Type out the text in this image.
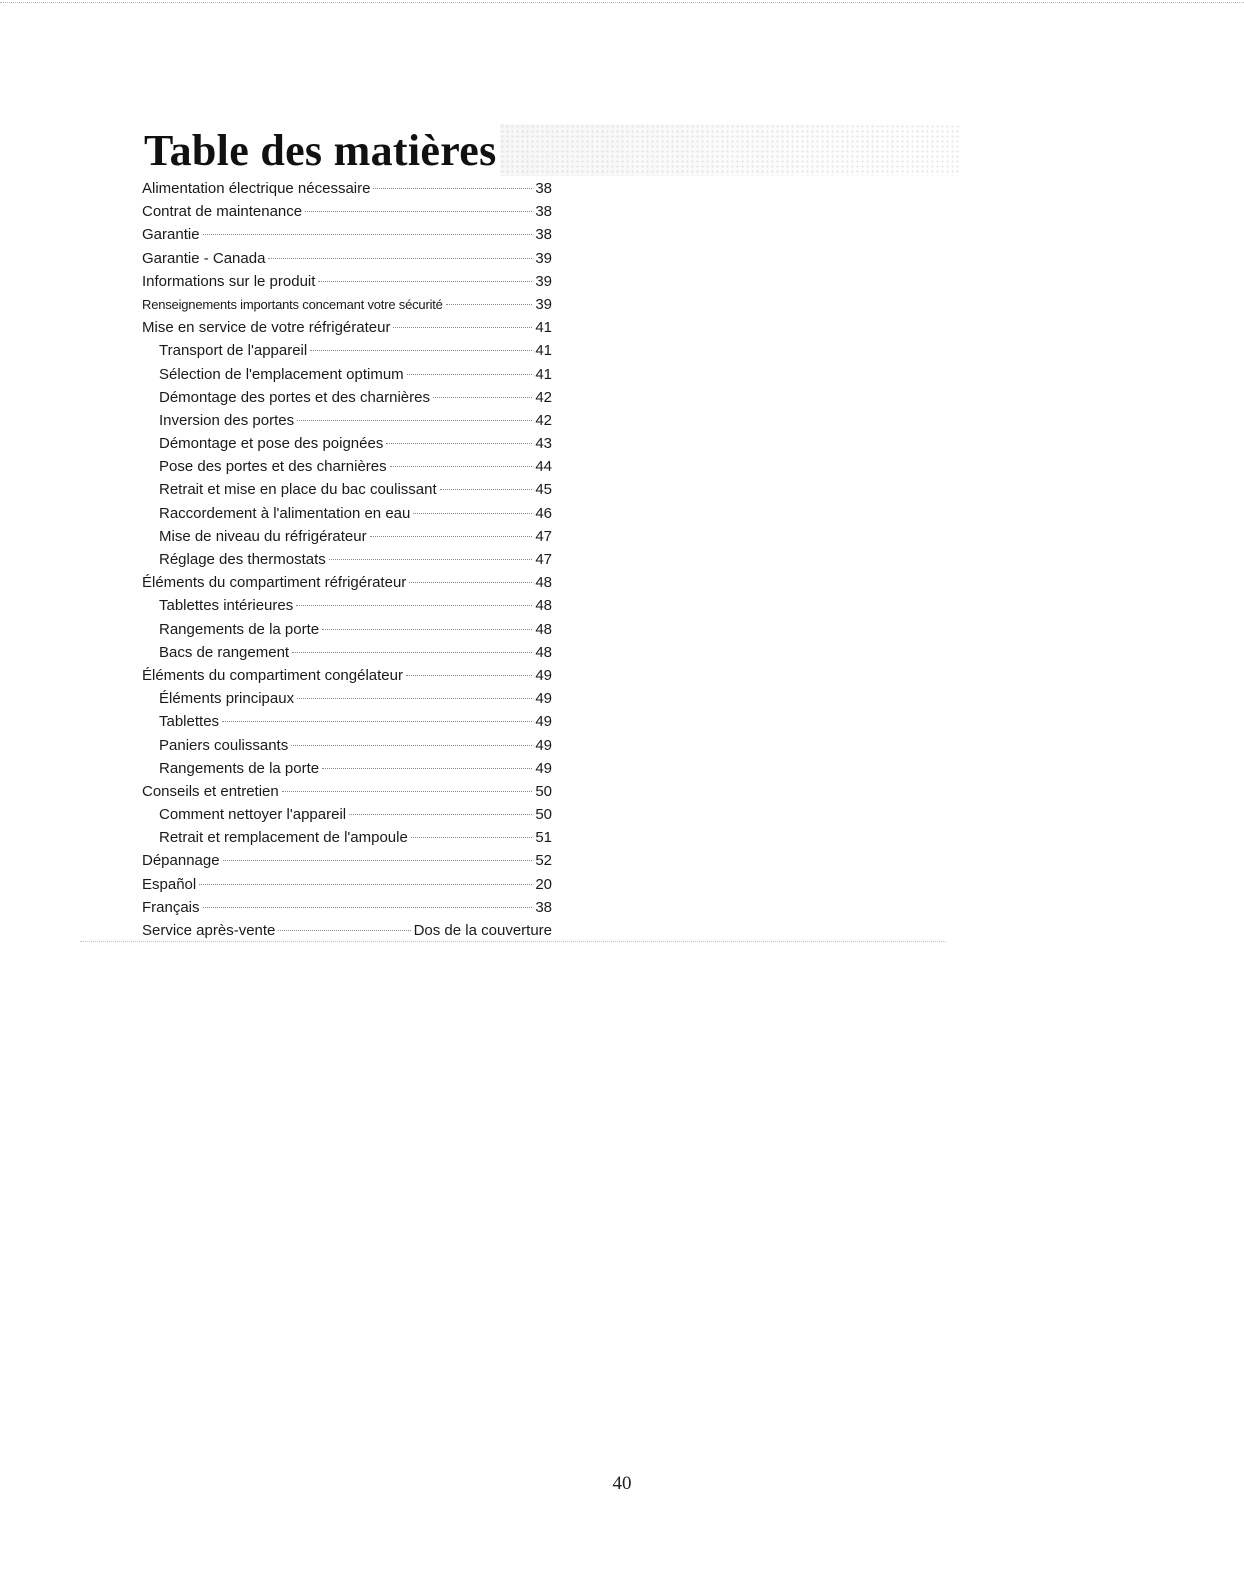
Table des matières
Alimentation électrique nécessaire	38
Contrat de maintenance	38
Garantie	38
Garantie - Canada	39
Informations sur le produit	39
Renseignements importants concemant votre sécurité	39
Mise en service de votre réfrigérateur	41
Transport de l'appareil	41
Sélection de l'emplacement optimum	41
Démontage des portes et des charnières	42
Inversion des portes	42
Démontage et pose des poignées	43
Pose des portes et des charnières	44
Retrait et mise en place du bac coulissant	45
Raccordement à l'alimentation en eau	46
Mise de niveau du réfrigérateur	47
Réglage des thermostats	47
Éléments du compartiment réfrigérateur	48
Tablettes intérieures	48
Rangements de la porte	48
Bacs de rangement	48
Éléments du compartiment congélateur	49
Éléments principaux	49
Tablettes	49
Paniers coulissants	49
Rangements de la porte	49
Conseils et entretien	50
Comment nettoyer l'appareil	50
Retrait et remplacement de l'ampoule	51
Dépannage	52
Español	20
Français	38
Service après-vente	Dos de la couverture
40
